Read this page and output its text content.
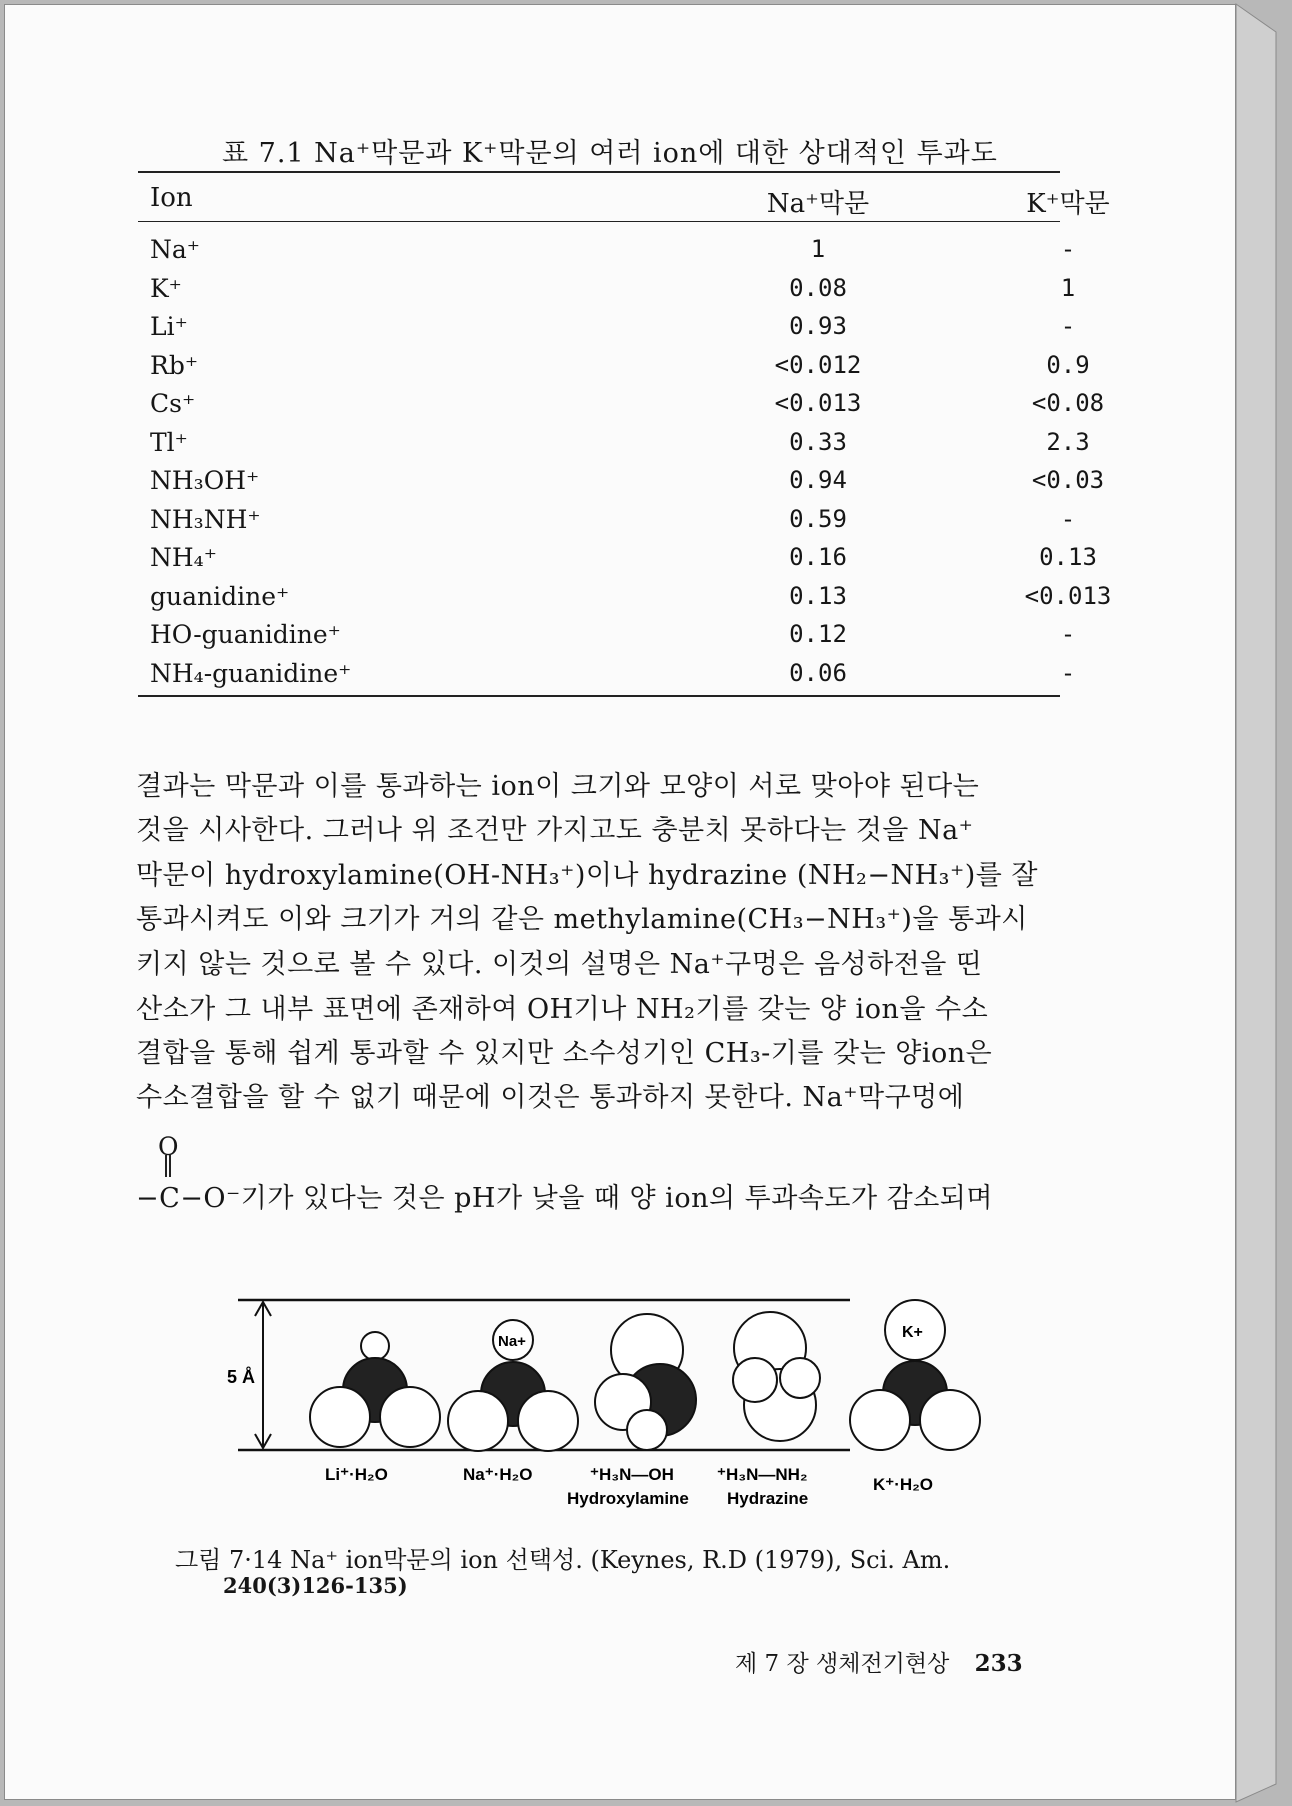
표 7.1 Na⁺막문과 K⁺막문의 여러 ion에 대한 상대적인 투과도
Ion	Na⁺막문	K⁺막문
Na⁺	1	-
K⁺	0.08	1
Li⁺	0.93	-
Rb⁺	<0.012	0.9
Cs⁺	<0.013	<0.08
Tl⁺	0.33	2.3
NH₃OH⁺	0.94	<0.03
NH₃NH⁺	0.59	-
NH₄⁺	0.16	0.13
guanidine⁺	0.13	<0.013
HO-guanidine⁺	0.12	-
NH₄-guanidine⁺	0.06	-
결과는 막문과 이를 통과하는 ion이 크기와 모양이 서로 맞아야 된다는
것을 시사한다. 그러나 위 조건만 가지고도 충분치 못하다는 것을 Na⁺
막문이 hydroxylamine(OH-NH₃⁺)이나 hydrazine (NH₂−NH₃⁺)를 잘
통과시켜도 이와 크기가 거의 같은 methylamine(CH₃−NH₃⁺)을 통과시
키지 않는 것으로 볼 수 있다. 이것의 설명은 Na⁺구멍은 음성하전을 띤
산소가 그 내부 표면에 존재하여 OH기나 NH₂기를 갖는 양 ion을 수소
결합을 통해 쉽게 통과할 수 있지만 소수성기인 CH₃-기를 갖는 양ion은
수소결합을 할 수 없기 때문에 이것은 통과하지 못한다. Na⁺막구멍에
O
−C−O⁻기가 있다는 것은 pH가 낮을 때 양 ion의 투과속도가 감소되며
5 Å
Na+
K+
Li⁺·H₂O	Na⁺·H₂O	⁺H₃N—OH	⁺H₃N—NH₂
K⁺·H₂O
Hydroxylamine Hydrazine
그림 7·14 Na⁺ ion막문의 ion 선택성. (Keynes, R.D (1979), Sci. Am.
240(3)126-135)
제 7 장 생체전기현상 233
